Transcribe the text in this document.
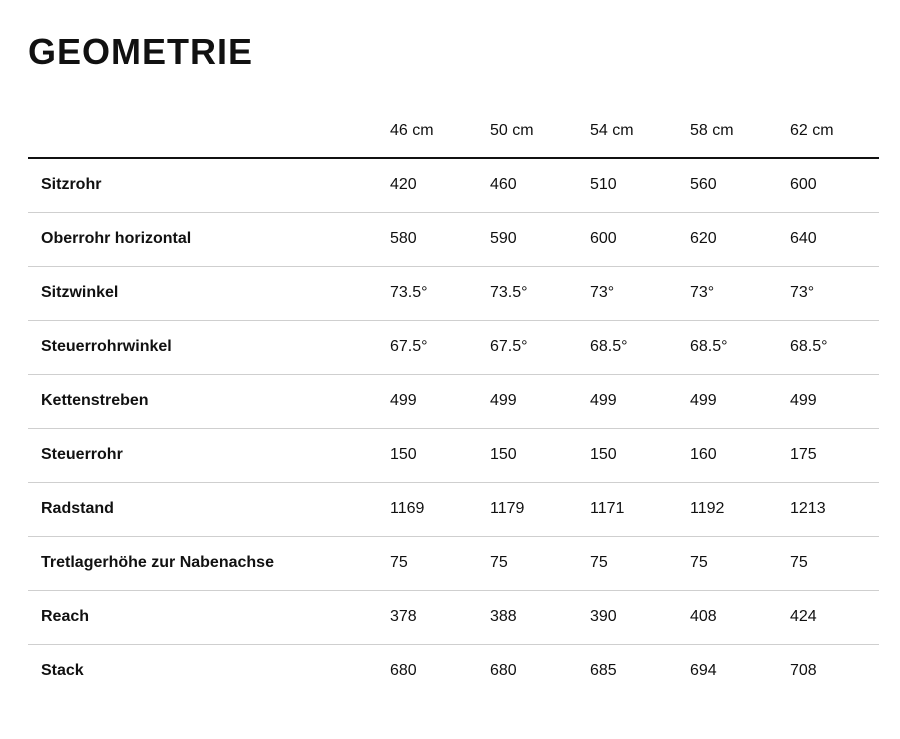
GEOMETRIE
	46 cm	50 cm	54 cm	58 cm	62 cm
Sitzrohr	420	460	510	560	600
Oberrohr horizontal	580	590	600	620	640
Sitzwinkel	73.5°	73.5°	73°	73°	73°
Steuerrohrwinkel	67.5°	67.5°	68.5°	68.5°	68.5°
Kettenstreben	499	499	499	499	499
Steuerrohr	150	150	150	160	175
Radstand	1169	1179	1171	1192	1213
Tretlagerhöhe zur Nabenachse	75	75	75	75	75
Reach	378	388	390	408	424
Stack	680	680	685	694	708
